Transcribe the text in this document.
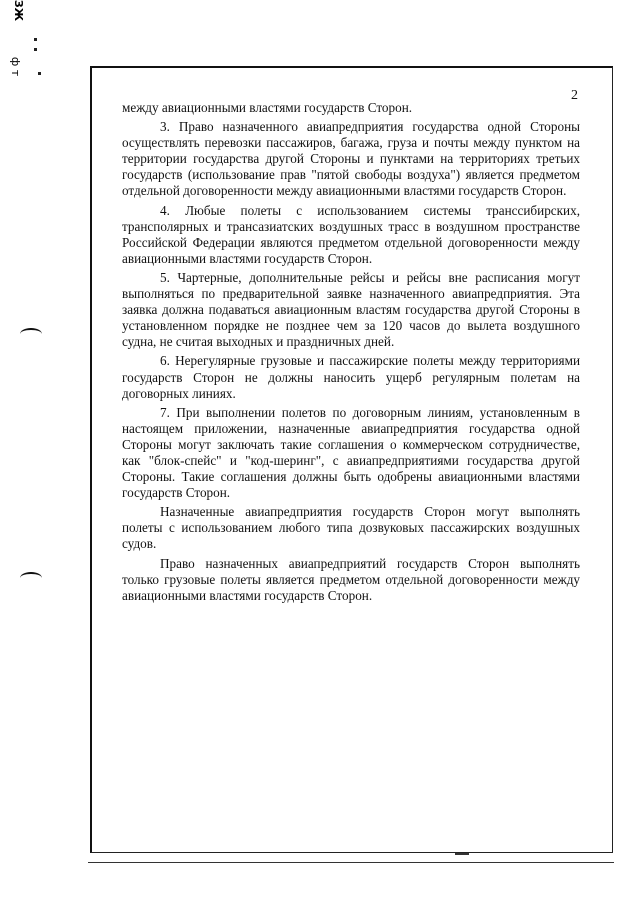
ЗЖ
ф т
2

между авиационными властями государств Сторон.

3. Право назначенного авиапредприятия государства одной Стороны осуществлять перевозки пассажиров, багажа, груза и почты между пунктом на территории государства другой Стороны и пунктами на территориях третьих государств (использование прав "пятой свободы воздуха") является предметом отдельной договоренности между авиационными властями государств Сторон.

4. Любые полеты с использованием системы транссибирских, трансполярных и трансазиатских воздушных трасс в воздушном пространстве Российской Федерации являются предметом отдельной договоренности между авиационными властями государств Сторон.

5. Чартерные, дополнительные рейсы и рейсы вне расписания могут выполняться по предварительной заявке назначенного авиапредприятия. Эта заявка должна подаваться авиационным властям государства другой Стороны в установленном порядке не позднее чем за 120 часов до вылета воздушного судна, не считая выходных и праздничных дней.

6. Нерегулярные грузовые и пассажирские полеты между территориями государств Сторон не должны наносить ущерб регулярным полетам на договорных линиях.

7. При выполнении полетов по договорным линиям, установленным в настоящем приложении, назначенные авиапредприятия государства одной Стороны могут заключать такие соглашения о коммерческом сотрудничестве, как "блок-спейс" и "код-шеринг", с авиапредприятиями государства другой Стороны. Такие соглашения должны быть одобрены авиационными властями государств Сторон.

Назначенные авиапредприятия государств Сторон могут выполнять полеты с использованием любого типа дозвуковых пассажирских воздушных судов.

Право назначенных авиапредприятий государств Сторон выполнять только грузовые полеты является предметом отдельной договоренности между авиационными властями государств Сторон.
